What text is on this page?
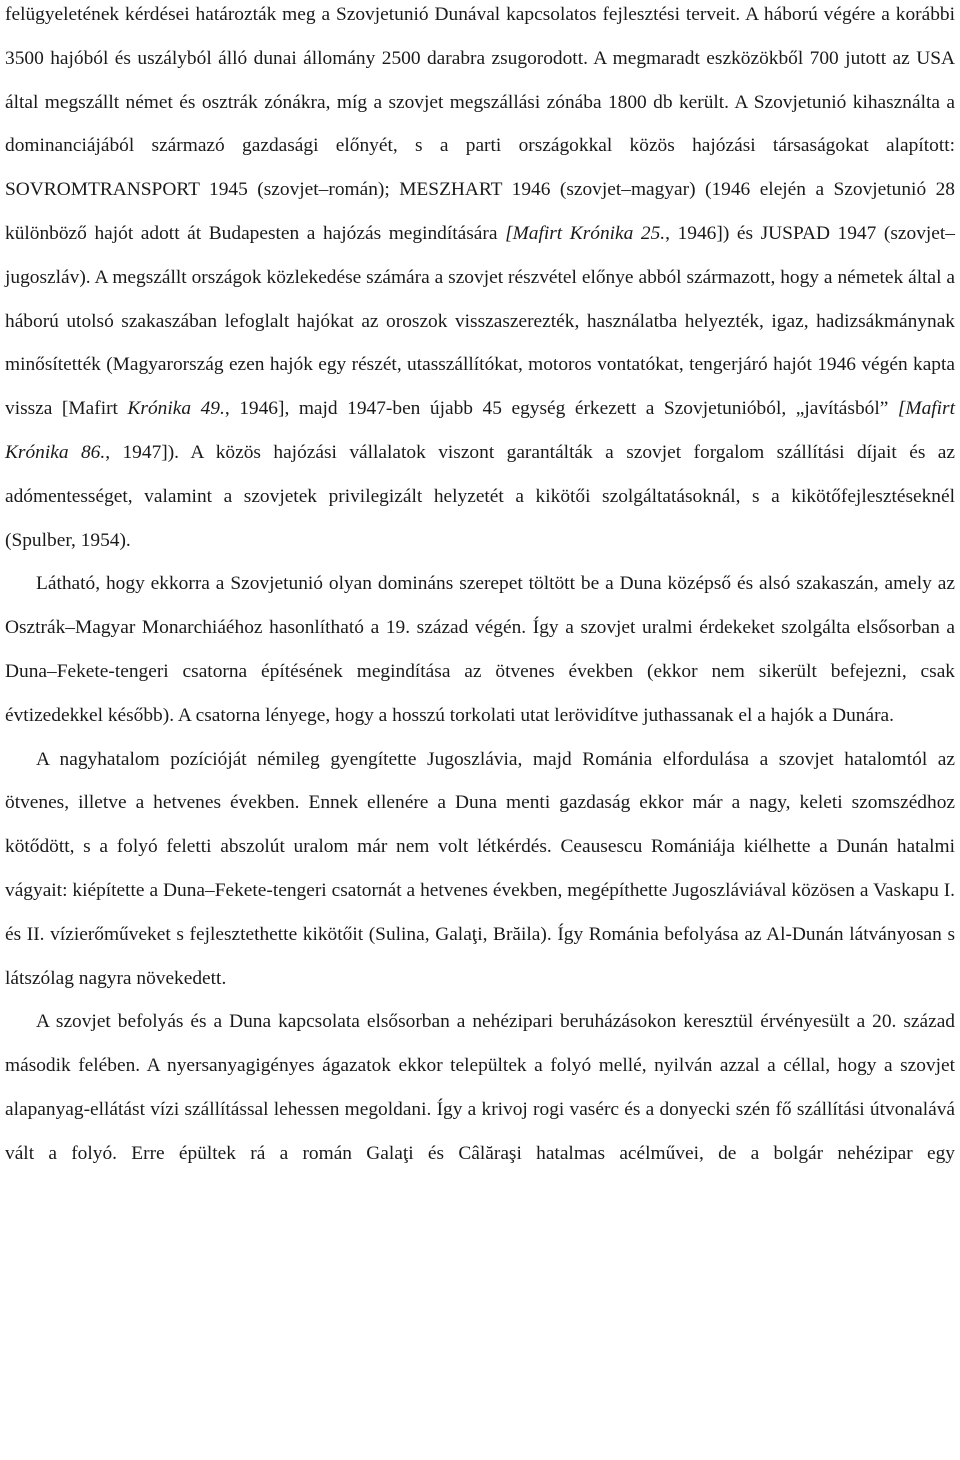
felügyeletének kérdései határozták meg a Szovjetunió Dunával kapcsolatos fejlesztési terveit. A háború végére a korábbi 3500 hajóból és uszályból álló dunai állomány 2500 darabra zsugorodott. A megmaradt eszközökből 700 jutott az USA által megszállt német és osztrák zónákra, míg a szovjet megszállási zónába 1800 db került. A Szovjetunió kihasználta a dominanciájából származó gazdasági előnyét, s a parti országokkal közös hajózási társaságokat alapított: SOVROMTRANSPORT 1945 (szovjet–román); MESZHART 1946 (szovjet–magyar) (1946 elején a Szovjetunió 28 különböző hajót adott át Budapesten a hajózás megindítására [Mafirt Krónika 25., 1946]) és JUSPAD 1947 (szovjet–jugoszláv). A megszállt országok közlekedése számára a szovjet részvétel előnye abból származott, hogy a németek által a háború utolsó szakaszában lefoglalt hajókat az oroszok visszaszerezték, használatba helyezték, igaz, hadizsákmánynak minősítették (Magyarország ezen hajók egy részét, utasszállítókat, motoros vontatókat, tengerjáró hajót 1946 végén kapta vissza [Mafirt Krónika 49., 1946], majd 1947-ben újabb 45 egység érkezett a Szovjetunióból, „javításból” [Mafirt Krónika 86., 1947]). A közös hajózási vállalatok viszont garantálták a szovjet forgalom szállítási díjait és az adómentességet, valamint a szovjetek privilegizált helyzetét a kikötői szolgáltatásoknál, s a kikötőfejlesztéseknél (Spulber, 1954).

Látható, hogy ekkorra a Szovjetunió olyan domináns szerepet töltött be a Duna középső és alsó szakaszán, amely az Osztrák–Magyar Monarchiáéhoz hasonlítható a 19. század végén. Így a szovjet uralmi érdekeket szolgálta elsősorban a Duna–Fekete-tengeri csatorna építésének megindítása az ötvenes években (ekkor nem sikerült befejezni, csak évtizedekkel később). A csatorna lényege, hogy a hosszú torkolati utat lerövidítve juthassanak el a hajók a Dunára.

A nagyhatalom pozícióját némileg gyengítette Jugoszlávia, majd Románia elfordulása a szovjet hatalomtól az ötvenes, illetve a hetvenes években. Ennek ellenére a Duna menti gazdaság ekkor már a nagy, keleti szomszédhoz kötődött, s a folyó feletti abszolút uralom már nem volt létkérdés. Ceausescu Romániája kiélhette a Dunán hatalmi vágyait: kiépítette a Duna–Fekete-tengeri csatornát a hetvenes években, megépíthette Jugoszláviával közösen a Vaskapu I. és II. vízierőműveket s fejlesztethette kikötőit (Sulina, Galaţi, Brăila). Így Románia befolyása az Al-Dunán látványosan s látszólag nagyra növekedett.

A szovjet befolyás és a Duna kapcsolata elsősorban a nehézipari beruházásokon keresztül érvényesült a 20. század második felében. A nyersanyagigényes ágazatok ekkor települtek a folyó mellé, nyilván azzal a céllal, hogy a szovjet alapanyag-ellátást vízi szállítással lehessen megoldani. Így a krivoj rogi vasérc és a donyecki szén fő szállítási útvonalává vált a folyó. Erre épültek rá a román Galaţi és Câlăraşi hatalmas acélművei, de a bolgár nehézipar egy
